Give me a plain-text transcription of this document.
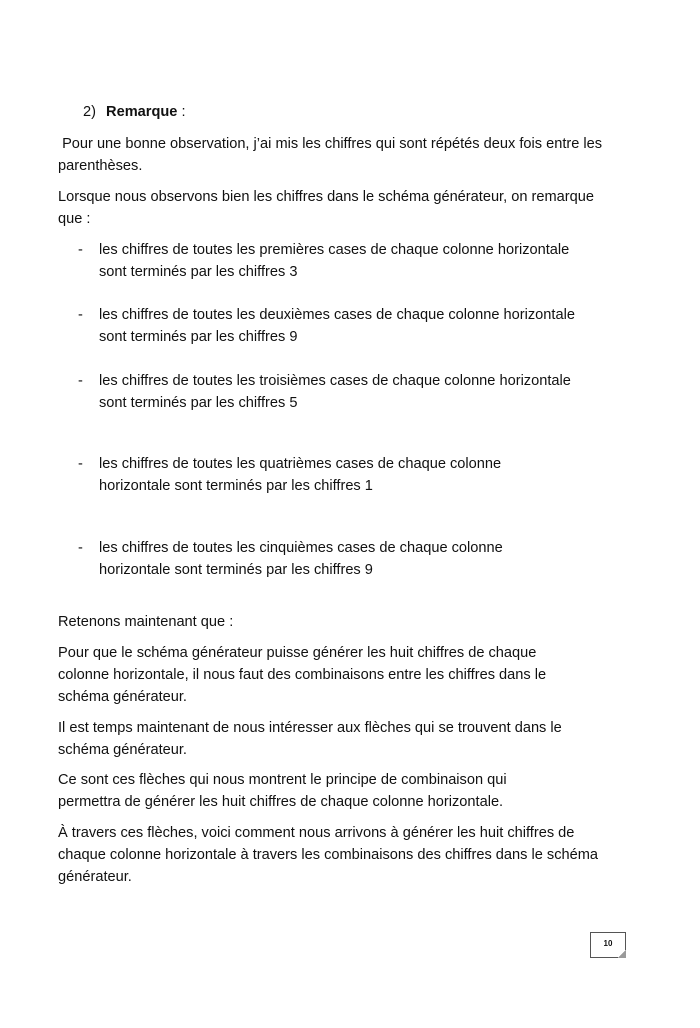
2) Remarque :

Pour une bonne observation, j’ai mis les chiffres qui sont répétés deux fois entre les parenthèses.

Lorsque nous observons bien les chiffres dans le schéma générateur, on remarque que :

- les chiffres de toutes les premières cases de chaque colonne horizontale sont terminés par les chiffres 3
- les chiffres de toutes les deuxièmes cases de chaque colonne horizontale sont terminés par les chiffres 9
- les chiffres de toutes les troisièmes cases de chaque colonne horizontale sont terminés par les chiffres 5
- les chiffres de toutes les quatrièmes cases de chaque colonne horizontale sont terminés par les chiffres 1
- les chiffres de toutes les cinquièmes cases de chaque colonne horizontale sont terminés par les chiffres 9

Retenons maintenant que :

Pour que le schéma générateur puisse générer les huit chiffres de chaque colonne horizontale, il nous faut des combinaisons entre les chiffres dans le schéma générateur.

Il est temps maintenant de nous intéresser aux flèches qui se trouvent dans le schéma générateur.

Ce sont ces flèches qui nous montrent le principe de combinaison qui permettra de générer les huit chiffres de chaque colonne horizontale.

À travers ces flèches, voici comment nous arrivons à générer les huit chiffres de chaque colonne horizontale à travers les combinaisons des chiffres dans le schéma générateur.

10
